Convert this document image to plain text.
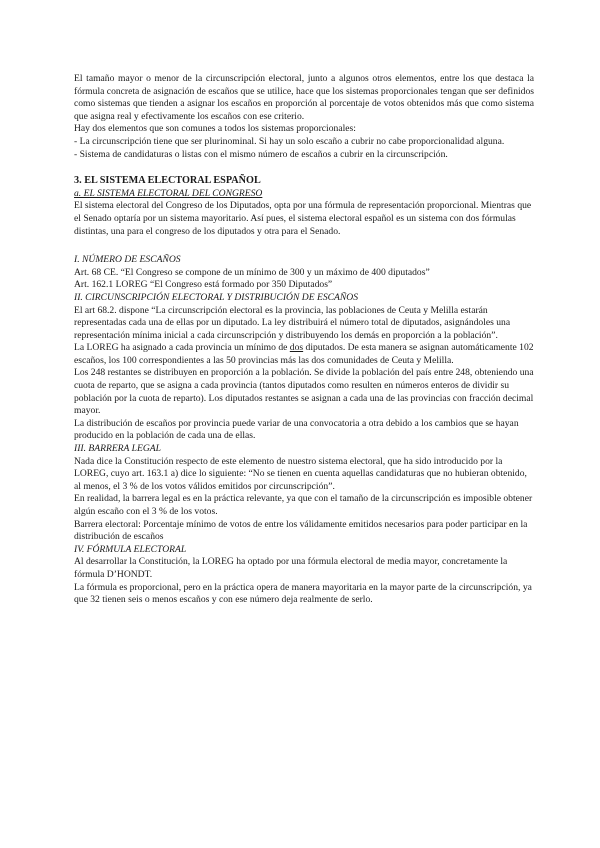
El tamaño mayor o menor de la circunscripción electoral, junto a algunos otros elementos, entre los que destaca la fórmula concreta de asignación de escaños que se utilice, hace que los sistemas proporcionales tengan que ser definidos como sistemas que tienden a asignar los escaños en proporción al porcentaje de votos obtenidos más que como sistema que asigna real y efectivamente los escaños con ese criterio.

Hay dos elementos que son comunes a todos los sistemas proporcionales:

- La circunscripción tiene que ser plurinominal. Si hay un solo escaño a cubrir no cabe proporcionalidad alguna.

- Sistema de candidaturas o listas con el mismo número de escaños a cubrir en la circunscripción.

3. EL SISTEMA ELECTORAL ESPAÑOL

a. EL SISTEMA ELECTORAL DEL CONGRESO

El sistema electoral del Congreso de los Diputados, opta por una fórmula de representación proporcional. Mientras que el Senado optaría por un sistema mayoritario. Así pues, el sistema electoral español es un sistema con dos fórmulas distintas, una para el congreso de los diputados y otra para el Senado.

I. NÚMERO DE ESCAÑOS

Art. 68 CE. “El Congreso se compone de un mínimo de 300 y un máximo de 400 diputados”

Art. 162.1 LOREG “El Congreso está formado por 350 Diputados”

II. CIRCUNSCRIPCIÓN ELECTORAL Y DISTRIBUCIÓN DE ESCAÑOS

El art 68.2. dispone “La circunscripción electoral es la provincia, las poblaciones de Ceuta y Melilla estarán representadas cada una de ellas por un diputado. La ley distribuirá el número total de diputados, asignándoles una representación mínima inicial a cada circunscripción y distribuyendo los demás en proporción a la población”.

La LOREG ha asignado a cada provincia un mínimo de dos diputados. De esta manera se asignan automáticamente 102 escaños, los 100 correspondientes a las 50 provincias más las dos comunidades de Ceuta y Melilla.

Los 248 restantes se distribuyen en proporción a la población. Se divide la población del país entre 248, obteniendo una cuota de reparto, que se asigna a cada provincia (tantos diputados como resulten en números enteros de dividir su población por la cuota de reparto). Los diputados restantes se asignan a cada una de las provincias con fracción decimal mayor.

La distribución de escaños por provincia puede variar de una convocatoria a otra debido a los cambios que se hayan producido en la población de cada una de ellas.

III. BARRERA LEGAL

Nada dice la Constitución respecto de este elemento de nuestro sistema electoral, que ha sido introducido por la LOREG, cuyo art. 163.1 a) dice lo siguiente: “No se tienen en cuenta aquellas candidaturas que no hubieran obtenido, al menos, el 3 % de los votos válidos emitidos por circunscripción”.

En realidad, la barrera legal es en la práctica relevante, ya que con el tamaño de la circunscripción es imposible obtener algún escaño con el 3 % de los votos.

Barrera electoral: Porcentaje mínimo de votos de entre los válidamente emitidos necesarios para poder participar en la distribución de escaños

IV. FÓRMULA ELECTORAL

Al desarrollar la Constitución, la LOREG ha optado por una fórmula electoral de media mayor, concretamente la fórmula D’HONDT.

La fórmula es proporcional, pero en la práctica opera de manera mayoritaria en la mayor parte de la circunscripción, ya que 32 tienen seis o menos escaños y con ese número deja realmente de serlo.
